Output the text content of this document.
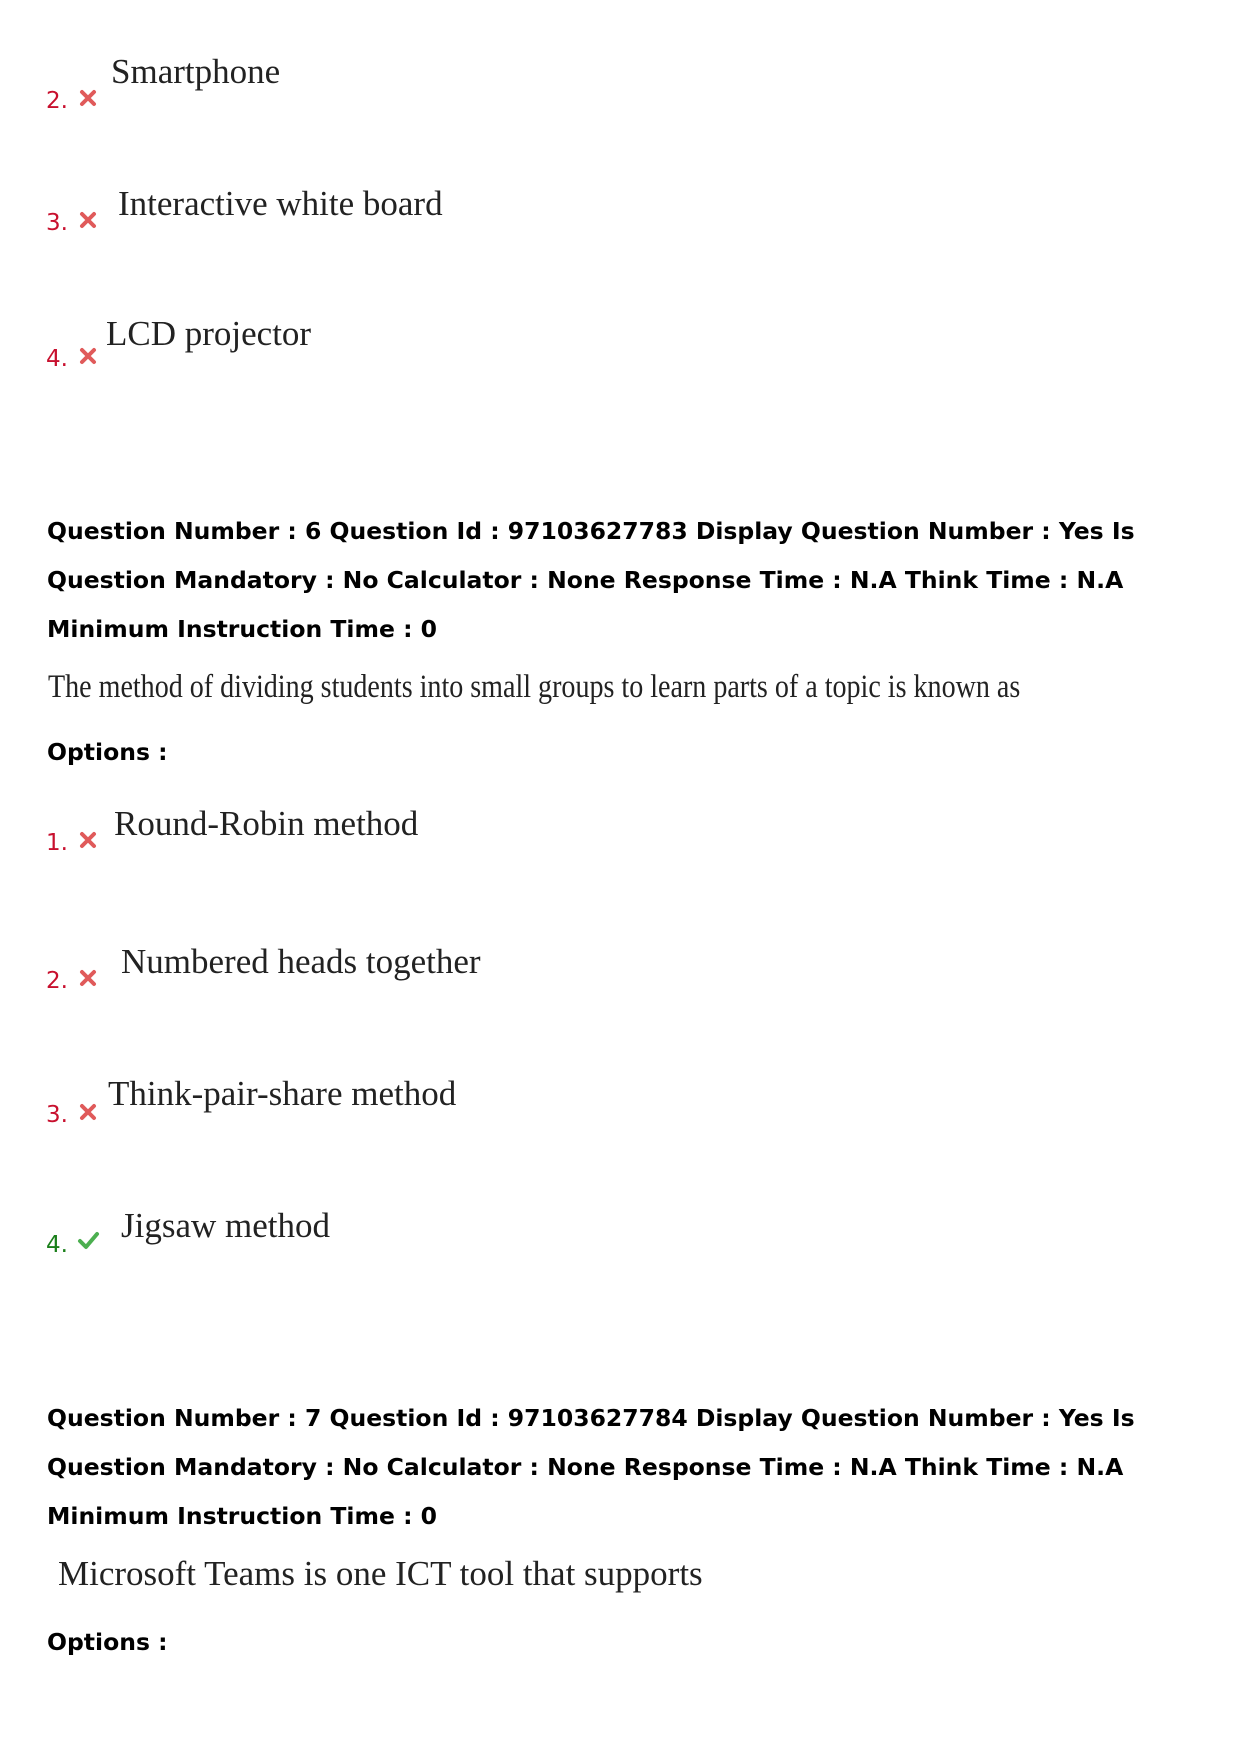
2.
Smartphone
3. Interactive white board
4.
LCD projector
Question Number : 6 Question Id : 97103627783 Display Question Number : Yes Is Question Mandatory : No Calculator : None Response Time : N.A Think Time : N.A Minimum Instruction Time : 0
The method of dividing students into small groups to learn parts of a topic is known as
Options :
1. Round-Robin method
2. Numbered heads together
3.
Think-pair-share method
4. Jigsaw method
Question Number : 7 Question Id : 97103627784 Display Question Number : Yes Is Question Mandatory : No Calculator : None Response Time : N.A Think Time : N.A Minimum Instruction Time : 0
Microsoft Teams is one ICT tool that supports
Options :
